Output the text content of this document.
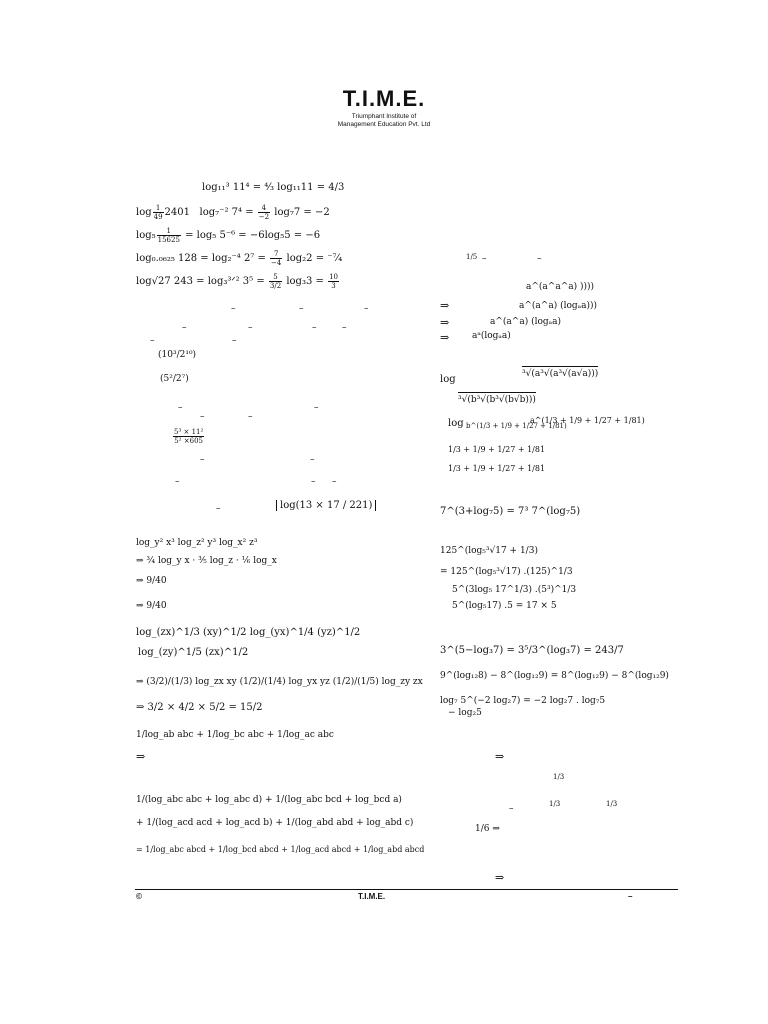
T.I.M.E.
Triumphant Institute of
Management Education Pvt. Ltd
log₁₁³ 11⁴ = ⁴⁄₃ log₁₁11 = 4/3
$\log \frac{1}{49} 2401$ log₇⁻² $7^4 = \frac{4}{-2} \log_77 = -2$
$\log_5 \frac{1}{15625} = \log_5$ 5⁻⁶ = −6log₅5 = −6
log₀.₀₆₂₅ 128 = log₂⁻⁴ $2^7 = \frac{7}{-4} \log_22$ = ⁻⁷⁄₄
log√27 243 = log₃³ᐟ² $3^5 = \frac{5}{3/2} \log_33 = \frac{10}{3}$
–	–	–
–	–	–	–
–	–
(10³/2¹⁰)
(5²/2⁷)
–	–
–	–
$\frac{\text{5³ × 11²}}{\text{5² ×605}}$
–	–
–	– –
–	log(13 × 17 / 221)
log_y² x³ log_z² y³ log_x² z³
⇒ ¾ log_y x · ⅗ log_z · ⅙ log_x
⇒ 9/40
⇒ 9/40
log_(zx)^1/3 (xy)^1/2 log_(yx)^1/4 (yz)^1/2
log_(zy)^1/5 (zx)^1/2
⇒ (3/2)/(1/3) log_zx xy (1/2)/(1/4) log_yx yz (1/2)/(1/5) log_zy zx
⇒ 3/2 × 4/2 × 5/2 = 15/2
1/log_ab abc + 1/log_bc abc + 1/log_ac abc
⇒
1/(log_abc abc + log_abc d) + 1/(log_abc bcd + log_bcd a)
+ 1/(log_acd acd + log_acd b) + 1/(log_abd abd + log_abd c)
= 1/log_abc abcd + 1/log_bcd abcd + 1/log_acd abcd + 1/log_abd abcd
1/5 –	–
a^(a^a^a) ))))
⇒	a^(a^a) (logₐa)))
⇒	a^(a^a) (logₐa)
⇒	aᵃ(logₐa)
log	³√(a³√(a³√(a√a)))
³√(b³√(b³√(b√b)))
log b^(1/3 + 1/9 + 1/27 + 1/81)
a^(1/3 + 1/9 + 1/27 + 1/81)
1/3 + 1/9 + 1/27 + 1/81
1/3 + 1/9 + 1/27 + 1/81
7^(3+log₇5) = 7³ 7^(log₇5)
125^(log₅³√17 + 1/3)
= 125^(log₅³√17) .(125)^1/3
5^(3log₅ 17^1/3) .(5³)^1/3
5^(log₅17) .5 = 17 × 5
3^(5−log₃7) = 3⁵/3^(log₃7) = 243/7
9^(log₁₂8) − 8^(log₁₂9) = 8^(log₁₂9) − 8^(log₁₂9)
log₇ 5^(−2 log₂7) = −2 log₂7 . log₇5
− log₂5
⇒
1/3
–	1/3	1/3
1/6 ⇒
⇒
©	T.I.M.E.	–
